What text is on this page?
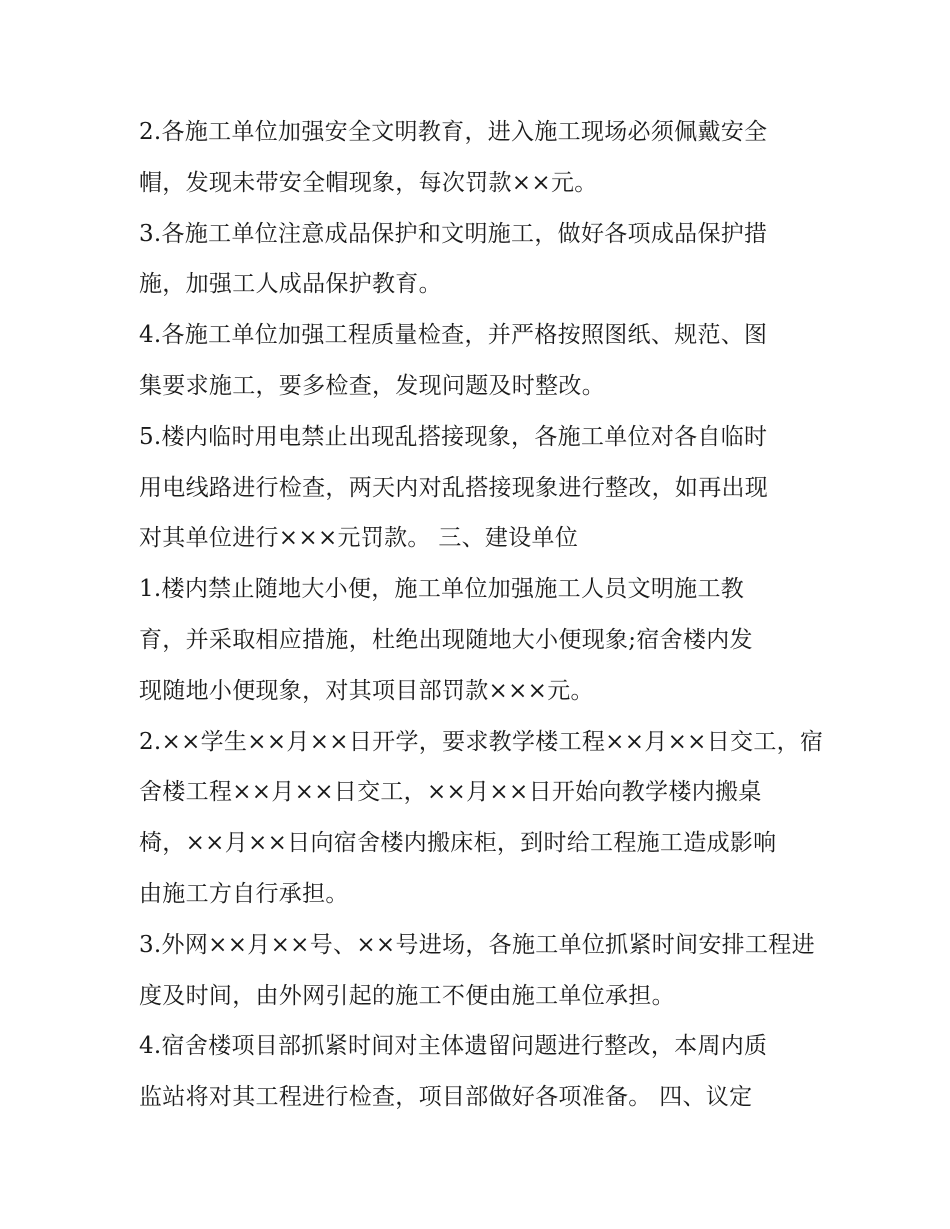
2.各施工单位加强安全文明教育，进入施工现场必须佩戴安全
帽，发现未带安全帽现象，每次罚款××元。
3.各施工单位注意成品保护和文明施工，做好各项成品保护措
施，加强工人成品保护教育。
4.各施工单位加强工程质量检查，并严格按照图纸、规范、图
集要求施工，要多检查，发现问题及时整改。
5.楼内临时用电禁止出现乱搭接现象，各施工单位对各自临时
用电线路进行检查，两天内对乱搭接现象进行整改，如再出现
对其单位进行×××元罚款。 三、建设单位
1.楼内禁止随地大小便，施工单位加强施工人员文明施工教
育，并采取相应措施，杜绝出现随地大小便现象;宿舍楼内发
现随地小便现象，对其项目部罚款×××元。
2.××学生××月××日开学，要求教学楼工程××月××日交工，宿
舍楼工程××月××日交工，××月××日开始向教学楼内搬桌
椅，××月××日向宿舍楼内搬床柜，到时给工程施工造成影响
由施工方自行承担。
3.外网××月××号、××号进场，各施工单位抓紧时间安排工程进
度及时间，由外网引起的施工不便由施工单位承担。
4.宿舍楼项目部抓紧时间对主体遗留问题进行整改，本周内质
监站将对其工程进行检查，项目部做好各项准备。 四、议定
